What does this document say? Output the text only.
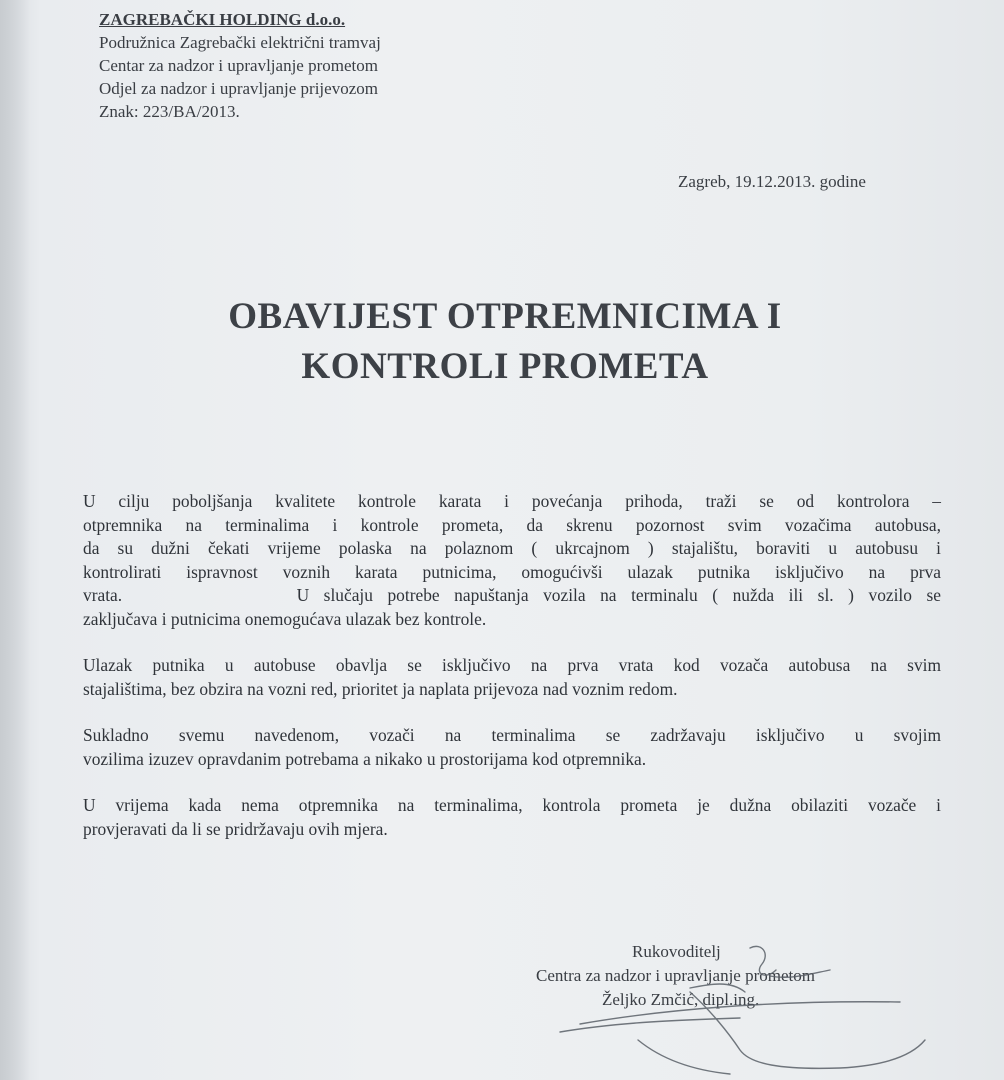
ZAGREBAČKI HOLDING d.o.o.
Podružnica Zagrebački električni tramvaj
Centar za nadzor i upravljanje prometom
Odjel za nadzor i upravljanje prijevozom
Znak: 223/BA/2013.
Zagreb, 19.12.2013. godine
OBAVIJEST OTPREMNICIMA I
KONTROLI PROMETA

U cilju poboljšanja kvalitete kontrole karata i povećanja prihoda, traži se od kontrolora –
otpremnika na terminalima i kontrole prometa, da skrenu pozornost svim vozačima autobusa,
da su dužni čekati vrijeme polaska na polaznom ( ukrcajnom ) stajalištu, boraviti u autobusu i
kontrolirati ispravnost voznih karata putnicima, omogućivši ulazak putnika isključivo na prva
vrata.            U slučaju potrebe napuštanja vozila na terminalu ( nužda ili sl. ) vozilo se
zaključava i putnicima onemogućava ulazak bez kontrole.

Ulazak putnika u autobuse obavlja se isključivo na prva vrata kod vozača autobusa na svim
stajalištima, bez obzira na vozni red, prioritet ja naplata prijevoza nad voznim redom.

Sukladno svemu navedenom, vozači na terminalima se zadržavaju isključivo u svojim
vozilima izuzev opravdanim potrebama a nikako u prostorijama kod otpremnika.

U vrijema kada nema otpremnika na terminalima, kontrola prometa je dužna obilaziti vozače i
provjeravati da li se pridržavaju ovih mjera.

Rukovoditelj
Centra za nadzor i upravljanje prometom
Željko Zmčić, dipl.ing.
